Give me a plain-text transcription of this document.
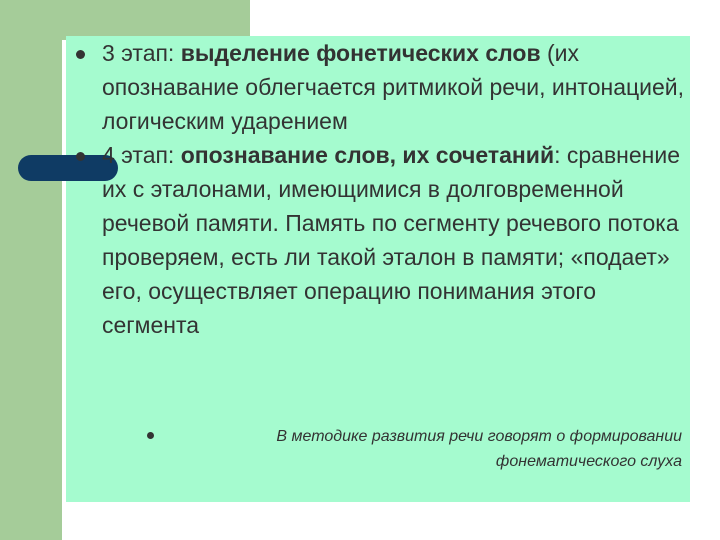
3 этап: выделение фонетических слов (их опознавание облегчается ритмикой речи, интонацией, логическим ударением
4 этап: опознавание слов, их сочетаний: сравнение их с эталонами, имеющимися в долговременной речевой памяти. Память по сегменту речевого потока проверяем, есть ли такой эталон в памяти; «подает» его, осуществляет операцию понимания этого сегмента
В методике развития речи говорят о формировании
фонематического слуха
